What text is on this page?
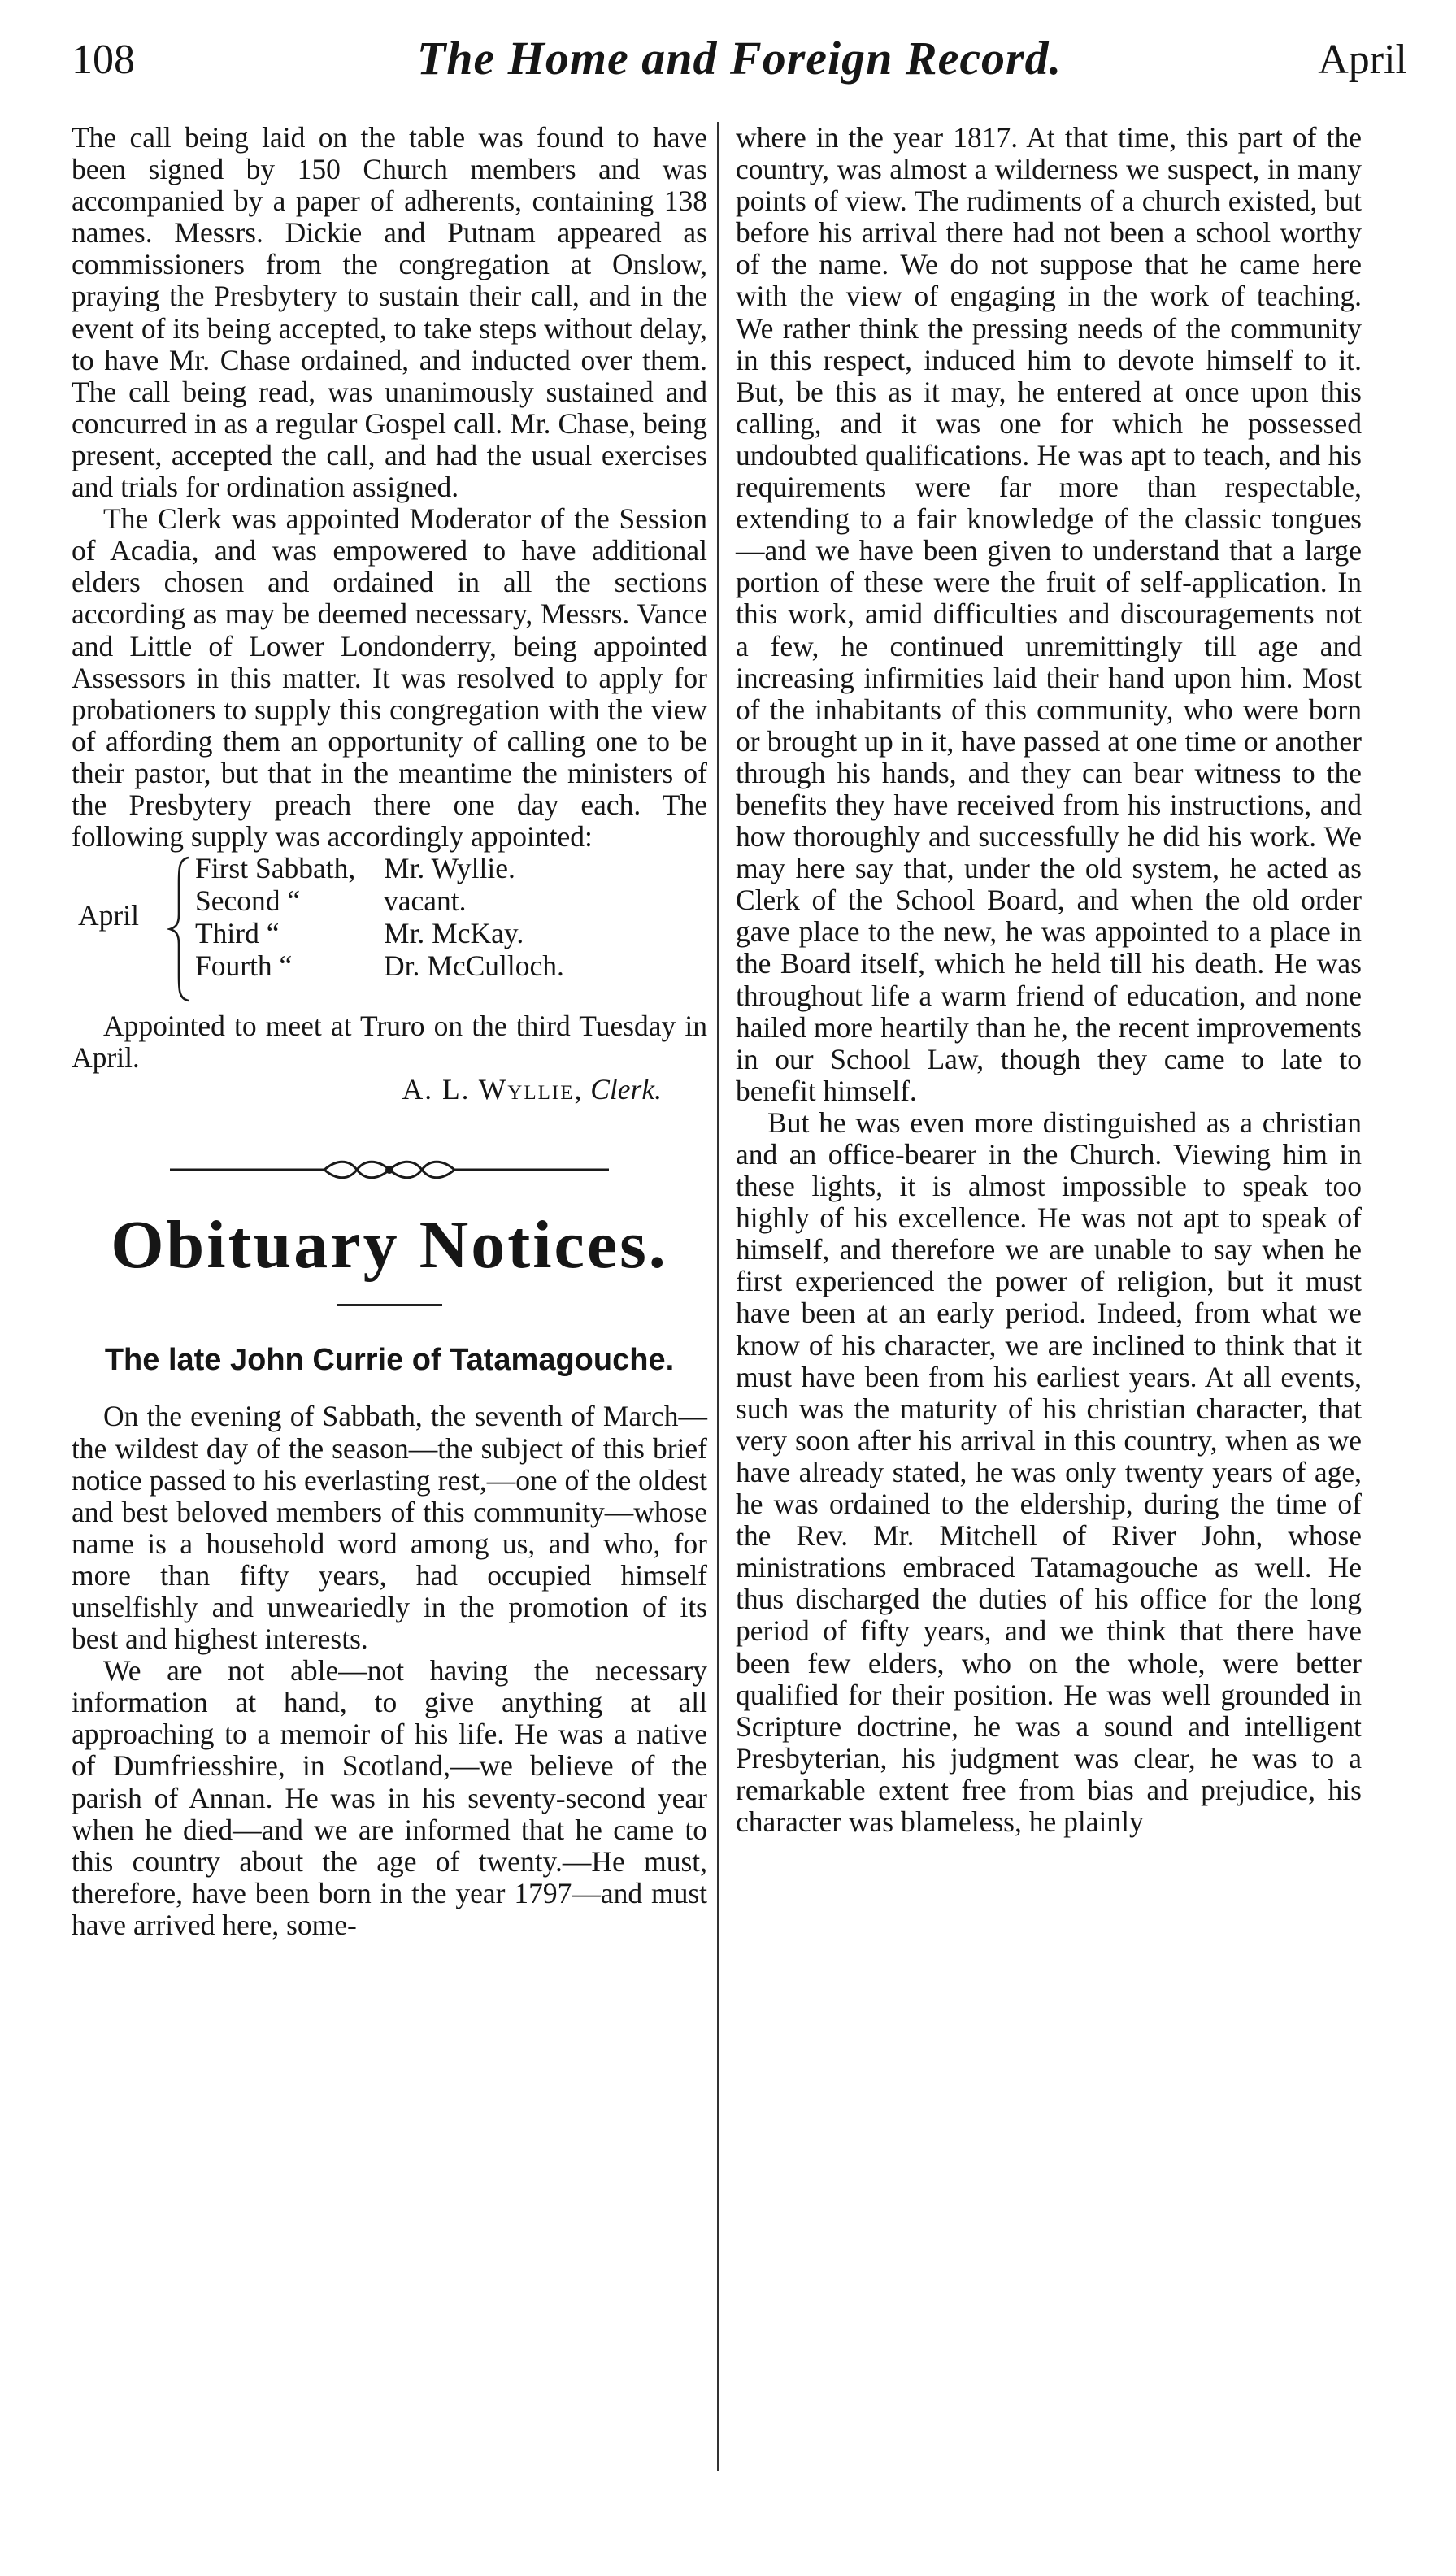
108	The Home and Foreign Record.	April

The call being laid on the table was found to have been signed by 150 Church members and was accompanied by a paper of adherents, containing 138 names. Messrs. Dickie and Putnam appeared as commissioners from the congregation at Onslow, praying the Presbytery to sustain their call, and in the event of its being accepted, to take steps without delay, to have Mr. Chase ordained, and inducted over them. The call being read, was unanimously sustained and concurred in as a regular Gospel call. Mr. Chase, being present, accepted the call, and had the usual exercises and trials for ordination assigned.

The Clerk was appointed Moderator of the Session of Acadia, and was empowered to have additional elders chosen and ordained in all the sections according as may be deemed necessary, Messrs. Vance and Little of Lower Londonderry, being appointed Assessors in this matter. It was resolved to apply for probationers to supply this congregation with the view of affording them an opportunity of calling one to be their pastor, but that in the meantime the ministers of the Presbytery preach there one day each. The following supply was accordingly appointed:

April
First Sabbath, Mr. Wyllie.
Second “	vacant.
Third “	Mr. McKay.
Fourth “	Dr. McCulloch.

Appointed to meet at Truro on the third Tuesday in April.

A. L. Wyllie, Clerk.

Obituary Notices.
The late John Currie of Tatamagouche.

On the evening of Sabbath, the seventh of March—the wildest day of the season—the subject of this brief notice passed to his everlasting rest,—one of the oldest and best beloved members of this community—whose name is a household word among us, and who, for more than fifty years, had occupied himself unselfishly and unweariedly in the promotion of its best and highest interests.

We are not able—not having the necessary information at hand, to give anything at all approaching to a memoir of his life. He was a native of Dumfriesshire, in Scotland,—we believe of the parish of Annan. He was in his seventy-second year when he died—and we are informed that he came to this country about the age of twenty.—He must, therefore, have been born in the year 1797—and must have arrived here, some-

where in the year 1817. At that time, this part of the country, was almost a wilderness we suspect, in many points of view. The rudiments of a church existed, but before his arrival there had not been a school worthy of the name. We do not suppose that he came here with the view of engaging in the work of teaching. We rather think the pressing needs of the community in this respect, induced him to devote himself to it. But, be this as it may, he entered at once upon this calling, and it was one for which he possessed undoubted qualifications. He was apt to teach, and his requirements were far more than respectable, extending to a fair knowledge of the classic tongues—and we have been given to understand that a large portion of these were the fruit of self-application. In this work, amid difficulties and discouragements not a few, he continued unremittingly till age and increasing infirmities laid their hand upon him. Most of the inhabitants of this community, who were born or brought up in it, have passed at one time or another through his hands, and they can bear witness to the benefits they have received from his instructions, and how thoroughly and successfully he did his work. We may here say that, under the old system, he acted as Clerk of the School Board, and when the old order gave place to the new, he was appointed to a place in the Board itself, which he held till his death. He was throughout life a warm friend of education, and none hailed more heartily than he, the recent improvements in our School Law, though they came to late to benefit himself.

But he was even more distinguished as a christian and an office-bearer in the Church. Viewing him in these lights, it is almost impossible to speak too highly of his excellence. He was not apt to speak of himself, and therefore we are unable to say when he first experienced the power of religion, but it must have been at an early period. Indeed, from what we know of his character, we are inclined to think that it must have been from his earliest years. At all events, such was the maturity of his christian character, that very soon after his arrival in this country, when as we have already stated, he was only twenty years of age, he was ordained to the eldership, during the time of the Rev. Mr. Mitchell of River John, whose ministrations embraced Tatamagouche as well. He thus discharged the duties of his office for the long period of fifty years, and we think that there have been few elders, who on the whole, were better qualified for their position. He was well grounded in Scripture doctrine, he was a sound and intelligent Presbyterian, his judgment was clear, he was to a remarkable extent free from bias and prejudice, his character was blameless, he plainly
